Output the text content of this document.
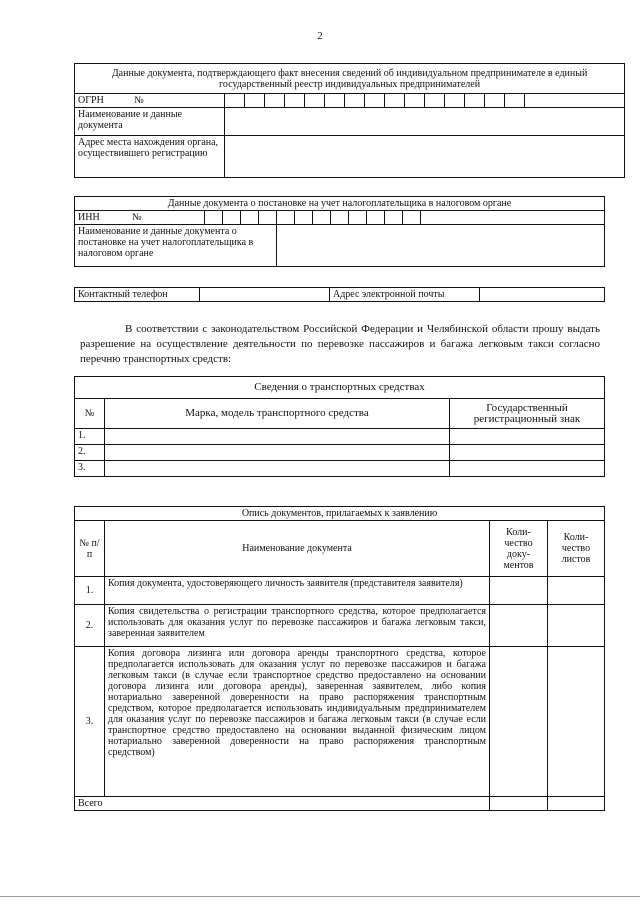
2
Данные документа, подтверждающего факт внесения сведений об индивидуальном предпринимателе в единый государственный реестр индивидуальных предпринимателей																
ОГРН №																
Наименование и данные документа																
Адрес места нахождения органа, осуществившего регистрацию																
Данные документа о постановке на учет налогоплательщика в налоговом органе													
ИНН №													
Наименование и данные документа о постановке на учет налогоплательщика в налоговом органе													
Контактный телефон		Адрес электронной почты	

В соответствии с законодательством Российской Федерации и Челябинской области прошу выдать разрешение на осуществление деятельности по перевозке пассажиров и багажа легковым такси согласно перечню транспортных средств:

Сведения о транспортных средствах		
№	Марка, модель транспортного средства	Государственный регистрационный знак
1.		
2.		
3.		
Опись документов, прилагаемых к заявлению			
№ п/п	Наименование документа	Коли-чество доку-ментов	Коли-чество листов
1.	Копия документа, удостоверяющего личность заявителя (представителя заявителя)		
2.	Копия свидетельства о регистрации транспортного средства, которое предполагается использовать для оказания услуг по перевозке пассажиров и багажа легковым такси, заверенная заявителем		
3.	Копия договора лизинга или договора аренды транспортного средства, которое предполагается использовать для оказания услуг по перевозке пассажиров и багажа легковым такси (в случае если транспортное средство предоставлено на основании договора лизинга или договора аренды), заверенная заявителем, либо копия нотариально заверенной доверенности на право распоряжения транспортным средством, которое предполагается использовать индивидуальным предпринимателем для оказания услуг по перевозке пассажиров и багажа легковым такси (в случае если транспортное средство предоставлено на основании выданной физическим лицом нотариально заверенной доверенности на право распоряжения транспортным средством)		
Всего			
